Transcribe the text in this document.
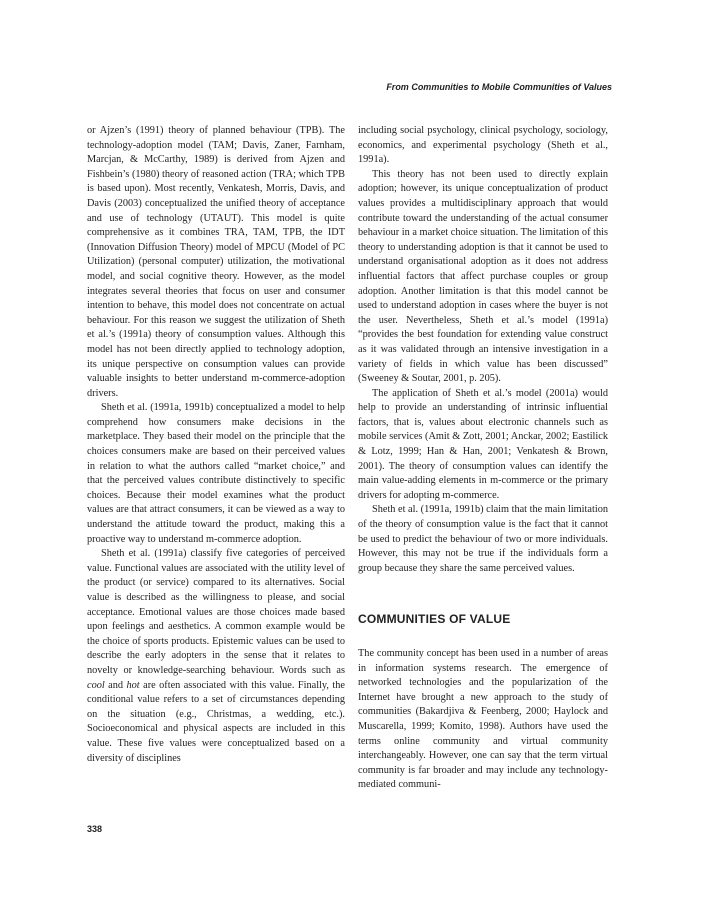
From Communities to Mobile Communities of Values

or Ajzen’s (1991) theory of planned behaviour (TPB). The technology-adoption model (TAM; Davis, Zaner, Farnham, Marcjan, & McCarthy, 1989) is derived from Ajzen and Fishbein’s (1980) theory of reasoned action (TRA; which TPB is based upon). Most recently, Venkatesh, Morris, Davis, and Davis (2003) conceptualized the unified theory of acceptance and use of technology (UTAUT). This model is quite comprehensive as it combines TRA, TAM, TPB, the IDT (Innovation Diffusion Theory) model of MPCU (Model of PC Utilization) (personal computer) utilization, the motivational model, and social cognitive theory. However, as the model integrates several theories that focus on user and consumer intention to behave, this model does not concentrate on actual behaviour. For this reason we suggest the utilization of Sheth et al.’s (1991a) theory of consumption values. Although this model has not been directly applied to technology adoption, its unique perspective on consumption values can provide valuable insights to better understand m-commerce-adoption drivers.

Sheth et al. (1991a, 1991b) conceptualized a model to help comprehend how consumers make decisions in the marketplace. They based their model on the principle that the choices consumers make are based on their perceived values in relation to what the authors called “market choice,” and that the perceived values contribute distinctively to specific choices. Because their model examines what the product values are that attract consumers, it can be viewed as a way to understand the attitude toward the product, making this a proactive way to understand m-commerce adoption.

Sheth et al. (1991a) classify five categories of perceived value. Functional values are associated with the utility level of the product (or service) compared to its alternatives. Social value is described as the willingness to please, and social acceptance. Emotional values are those choices made based upon feelings and aesthetics. A common example would be the choice of sports products. Epistemic values can be used to describe the early adopters in the sense that it relates to novelty or knowledge-searching behaviour. Words such as cool and hot are often associated with this value. Finally, the conditional value refers to a set of circumstances depending on the situation (e.g., Christmas, a wedding, etc.). Socioeconomical and physical aspects are included in this value. These five values were conceptualized based on a diversity of disciplines

including social psychology, clinical psychology, sociology, economics, and experimental psychology (Sheth et al., 1991a).

This theory has not been used to directly explain adoption; however, its unique conceptualization of product values provides a multidisciplinary approach that would contribute toward the understanding of the actual consumer behaviour in a market choice situation. The limitation of this theory to understanding adoption is that it cannot be used to understand organisational adoption as it does not address influential factors that affect purchase couples or group adoption. Another limitation is that this model cannot be used to understand adoption in cases where the buyer is not the user. Nevertheless, Sheth et al.’s model (1991a) “provides the best foundation for extending value construct as it was validated through an intensive investigation in a variety of fields in which value has been discussed” (Sweeney & Soutar, 2001, p. 205).

The application of Sheth et al.’s model (2001a) would help to provide an understanding of intrinsic influential factors, that is, values about electronic channels such as mobile services (Amit & Zott, 2001; Anckar, 2002; Eastilick & Lotz, 1999; Han & Han, 2001; Venkatesh & Brown, 2001). The theory of consumption values can identify the main value-adding elements in m-commerce or the primary drivers for adopting m-commerce.

Sheth et al. (1991a, 1991b) claim that the main limitation of the theory of consumption value is the fact that it cannot be used to predict the behaviour of two or more individuals. However, this may not be true if the individuals form a group because they share the same perceived values.

COMMUNITIES OF VALUE

The community concept has been used in a number of areas in information systems research. The emergence of networked technologies and the popularization of the Internet have brought a new approach to the study of communities (Bakardjiva & Feenberg, 2000; Haylock and Muscarella, 1999; Komito, 1998). Authors have used the terms online community and virtual community interchangeably. However, one can say that the term virtual community is far broader and may include any technology-mediated communi-

338
